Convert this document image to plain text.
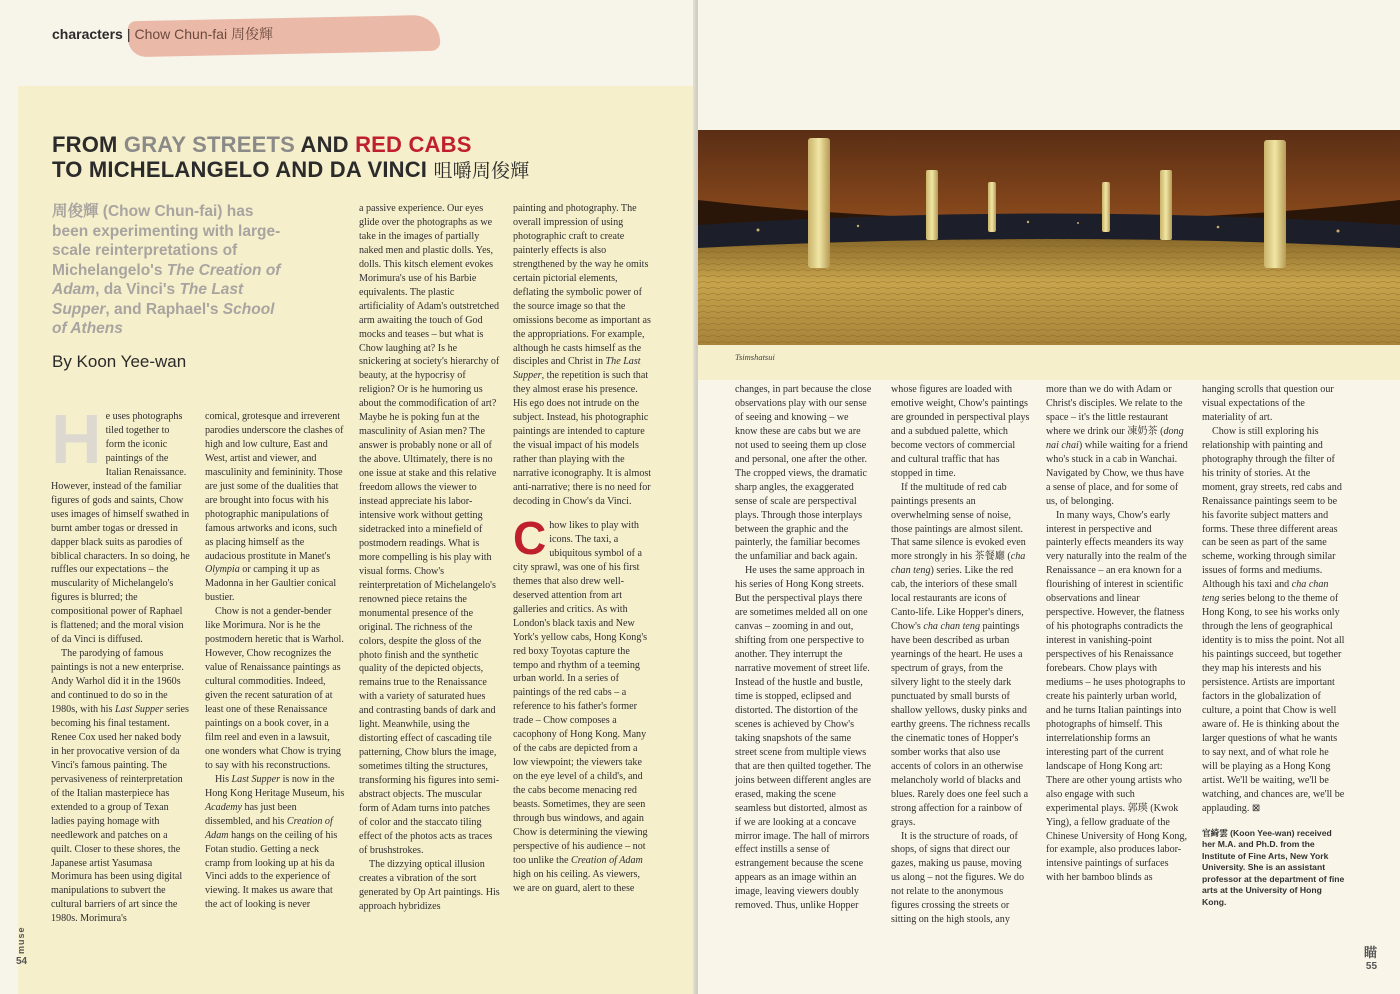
characters | Chow Chun-fai 周俊輝
FROM GRAY STREETS AND RED CABS
TO MICHELANGELO AND DA VINCI 咀嚼周俊輝
周俊輝 (Chow Chun-fai) has been experimenting with large-scale reinterpretations of Michelangelo's The Creation of Adam, da Vinci's The Last Supper, and Raphael's School of Athens
By Koon Yee-wan

He uses photographs tiled together to form the iconic paintings of the Italian Renaissance. However, instead of the familiar figures of gods and saints, Chow uses images of himself swathed in burnt amber togas or dressed in dapper black suits as parodies of biblical characters. In so doing, he ruffles our expectations – the muscularity of Michelangelo's figures is blurred; the compositional power of Raphael is flattened; and the moral vision of da Vinci is diffused.

The parodying of famous paintings is not a new enterprise. Andy Warhol did it in the 1960s and continued to do so in the 1980s, with his Last Supper series becoming his final testament. Renee Cox used her naked body in her provocative version of da Vinci's famous painting. The pervasiveness of reinterpretation of the Italian masterpiece has extended to a group of Texan ladies paying homage with needlework and patches on a quilt. Closer to these shores, the Japanese artist Yasumasa Morimura has been using digital manipulations to subvert the cultural barriers of art since the 1980s. Morimura's

comical, grotesque and irreverent parodies underscore the clashes of high and low culture, East and West, artist and viewer, and masculinity and femininity. Those are just some of the dualities that are brought into focus with his photographic manipulations of famous artworks and icons, such as placing himself as the audacious prostitute in Manet's Olympia or camping it up as Madonna in her Gaultier conical bustier.

Chow is not a gender-bender like Morimura. Nor is he the postmodern heretic that is Warhol. However, Chow recognizes the value of Renaissance paintings as cultural commodities. Indeed, given the recent saturation of at least one of these Renaissance paintings on a book cover, in a film reel and even in a lawsuit, one wonders what Chow is trying to say with his reconstructions.

His Last Supper is now in the Hong Kong Heritage Museum, his Academy has just been dissembled, and his Creation of Adam hangs on the ceiling of his Fotan studio. Getting a neck cramp from looking up at his da Vinci adds to the experience of viewing. It makes us aware that the act of looking is never

a passive experience. Our eyes glide over the photographs as we take in the images of partially naked men and plastic dolls. Yes, dolls. This kitsch element evokes Morimura's use of his Barbie equivalents. The plastic artificiality of Adam's outstretched arm awaiting the touch of God mocks and teases – but what is Chow laughing at? Is he snickering at society's hierarchy of beauty, at the hypocrisy of religion? Or is he humoring us about the commodification of art? Maybe he is poking fun at the masculinity of Asian men? The answer is probably none or all of the above. Ultimately, there is no one issue at stake and this relative freedom allows the viewer to instead appreciate his labor-intensive work without getting sidetracked into a minefield of postmodern readings. What is more compelling is his play with visual forms. Chow's reinterpretation of Michelangelo's renowned piece retains the monumental presence of the original. The richness of the colors, despite the gloss of the photo finish and the synthetic quality of the depicted objects, remains true to the Renaissance with a variety of saturated hues and contrasting bands of dark and light. Meanwhile, using the distorting effect of cascading tile patterning, Chow blurs the image, sometimes tilting the structures, transforming his figures into semi-abstract objects. The muscular form of Adam turns into patches of color and the staccato tiling effect of the photos acts as traces of brushstrokes.

The dizzying optical illusion creates a vibration of the sort generated by Op Art paintings. His approach hybridizes

painting and photography. The overall impression of using photographic craft to create painterly effects is also strengthened by the way he omits certain pictorial elements, deflating the symbolic power of the source image so that the omissions become as important as the appropriations. For example, although he casts himself as the disciples and Christ in The Last Supper, the repetition is such that they almost erase his presence. His ego does not intrude on the subject. Instead, his photographic paintings are intended to capture the visual impact of his models rather than playing with the narrative iconography. It is almost anti-narrative; there is no need for decoding in Chow's da Vinci.

Chow likes to play with icons. The taxi, a ubiquitous symbol of a city sprawl, was one of his first themes that also drew well-deserved attention from art galleries and critics. As with London's black taxis and New York's yellow cabs, Hong Kong's red boxy Toyotas capture the tempo and rhythm of a teeming urban world. In a series of paintings of the red cabs – a reference to his father's former trade – Chow composes a cacophony of Hong Kong. Many of the cabs are depicted from a low viewpoint; the viewers take on the eye level of a child's, and the cabs become menacing red beasts. Sometimes, they are seen through bus windows, and again Chow is determining the viewing perspective of his audience – not too unlike the Creation of Adam high on his ceiling. As viewers, we are on guard, alert to these

muse
54
Tsimshatsui

changes, in part because the close observations play with our sense of seeing and knowing – we know these are cabs but we are not used to seeing them up close and personal, one after the other. The cropped views, the dramatic sharp angles, the exaggerated sense of scale are perspectival plays. Through those interplays between the graphic and the painterly, the familiar becomes the unfamiliar and back again.

He uses the same approach in his series of Hong Kong streets. But the perspectival plays there are sometimes melded all on one canvas – zooming in and out, shifting from one perspective to another. They interrupt the narrative movement of street life. Instead of the hustle and bustle, time is stopped, eclipsed and distorted. The distortion of the scenes is achieved by Chow's taking snapshots of the same street scene from multiple views that are then quilted together. The joins between different angles are erased, making the scene seamless but distorted, almost as if we are looking at a concave mirror image. The hall of mirrors effect instills a sense of estrangement because the scene appears as an image within an image, leaving viewers doubly removed. Thus, unlike Hopper

whose figures are loaded with emotive weight, Chow's paintings are grounded in perspectival plays and a subdued palette, which become vectors of commercial and cultural traffic that has stopped in time.

If the multitude of red cab paintings presents an overwhelming sense of noise, those paintings are almost silent. That same silence is evoked even more strongly in his 茶餐廳 (cha chan teng) series. Like the red cab, the interiors of these small local restaurants are icons of Canto-life. Like Hopper's diners, Chow's cha chan teng paintings have been described as urban yearnings of the heart. He uses a spectrum of grays, from the silvery light to the steely dark punctuated by small bursts of shallow yellows, dusky pinks and earthy greens. The richness recalls the cinematic tones of Hopper's somber works that also use accents of colors in an otherwise melancholy world of blacks and blues. Rarely does one feel such a strong affection for a rainbow of grays.

It is the structure of roads, of shops, of signs that direct our gazes, making us pause, moving us along – not the figures. We do not relate to the anonymous figures crossing the streets or sitting on the high stools, any

more than we do with Adam or Christ's disciples. We relate to the space – it's the little restaurant where we drink our 凍奶茶 (dong nai chai) while waiting for a friend who's stuck in a cab in Wanchai. Navigated by Chow, we thus have a sense of place, and for some of us, of belonging.

In many ways, Chow's early interest in perspective and painterly effects meanders its way very naturally into the realm of the Renaissance – an era known for a flourishing of interest in scientific observations and linear perspective. However, the flatness of his photographs contradicts the interest in vanishing-point perspectives of his Renaissance forebears. Chow plays with mediums – he uses photographs to create his painterly urban world, and he turns Italian paintings into photographs of himself. This interrelationship forms an interesting part of the current landscape of Hong Kong art: There are other young artists who also engage with such experimental plays. 郭瑛 (Kwok Ying), a fellow graduate of the Chinese University of Hong Kong, for example, also produces labor-intensive paintings of surfaces with her bamboo blinds as

hanging scrolls that question our visual expectations of the materiality of art.

Chow is still exploring his relationship with painting and photography through the filter of his trinity of stories. At the moment, gray streets, red cabs and Renaissance paintings seem to be his favorite subject matters and forms. These three different areas can be seen as part of the same scheme, working through similar issues of forms and mediums. Although his taxi and cha chan teng series belong to the theme of Hong Kong, to see his works only through the lens of geographical identity is to miss the point. Not all his paintings succeed, but together they map his interests and his persistence. Artists are important factors in the globalization of culture, a point that Chow is well aware of. He is thinking about the larger questions of what he wants to say next, and of what role he will be playing as a Hong Kong artist. We'll be waiting, we'll be watching, and chances are, we'll be applauding. ⊠

官綺雲 (Koon Yee-wan) received her M.A. and Ph.D. from the Institute of Fine Arts, New York University. She is an assistant professor at the department of fine arts at the University of Hong Kong.
瞄
55
